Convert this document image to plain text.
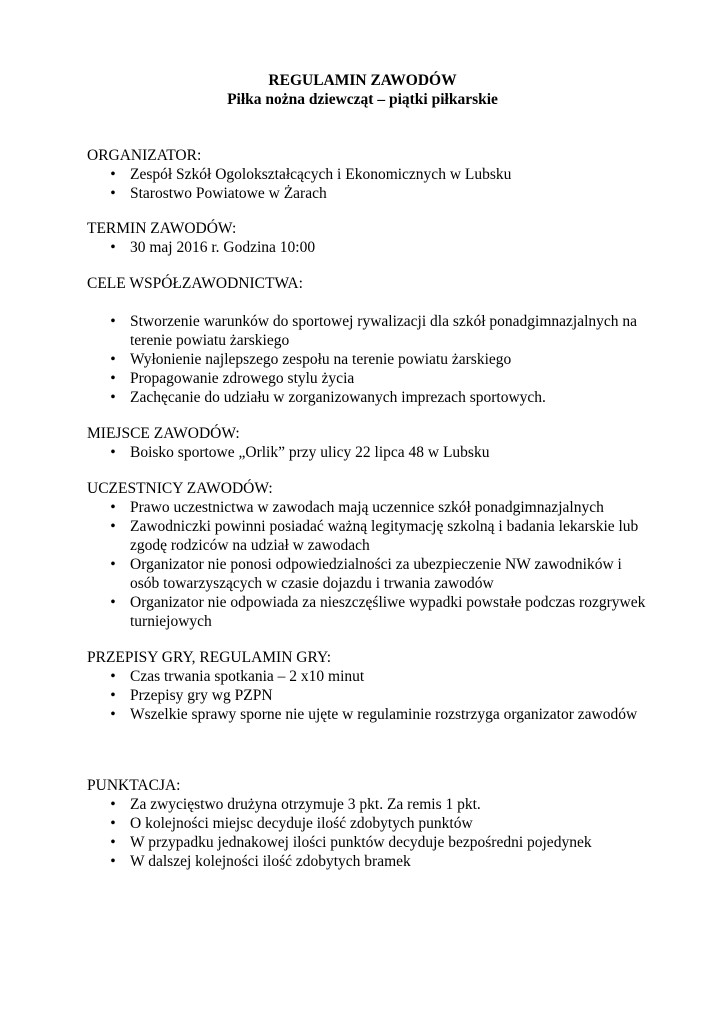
REGULAMIN ZAWODÓW

Piłka nożna dziewcząt – piątki piłkarskie

ORGANIZATOR:

• Zespół Szkół Ogolokształcących i Ekonomicznych w Lubsku
• Starostwo Powiatowe w Żarach

TERMIN ZAWODÓW:

• 30 maj 2016 r. Godzina 10:00

CELE WSPÓŁZAWODNICTWA:

• Stworzenie warunków do sportowej rywalizacji dla szkół ponadgimnazjalnych na terenie powiatu żarskiego
• Wyłonienie najlepszego zespołu na terenie powiatu żarskiego
• Propagowanie zdrowego stylu życia
• Zachęcanie do udziału w zorganizowanych imprezach sportowych.

MIEJSCE ZAWODÓW:

• Boisko sportowe „Orlik” przy ulicy 22 lipca 48 w Lubsku

UCZESTNICY ZAWODÓW:

• Prawo uczestnictwa w zawodach mają uczennice szkół ponadgimnazjalnych
• Zawodniczki powinni posiadać ważną legitymację szkolną i badania lekarskie lub zgodę rodziców na udział w zawodach
• Organizator nie ponosi odpowiedzialności za ubezpieczenie NW zawodników i osób towarzyszących w czasie dojazdu i trwania zawodów
• Organizator nie odpowiada za nieszczęśliwe wypadki powstałe podczas rozgrywek turniejowych

PRZEPISY GRY, REGULAMIN GRY:

• Czas trwania spotkania – 2 x10 minut
• Przepisy gry wg PZPN
• Wszelkie sprawy sporne nie ujęte w regulaminie rozstrzyga organizator zawodów

PUNKTACJA:

• Za zwycięstwo drużyna otrzymuje 3 pkt. Za remis 1 pkt.
• O kolejności miejsc decyduje ilość zdobytych punktów
• W przypadku jednakowej ilości punktów decyduje bezpośredni pojedynek
• W dalszej kolejności ilość zdobytych bramek
